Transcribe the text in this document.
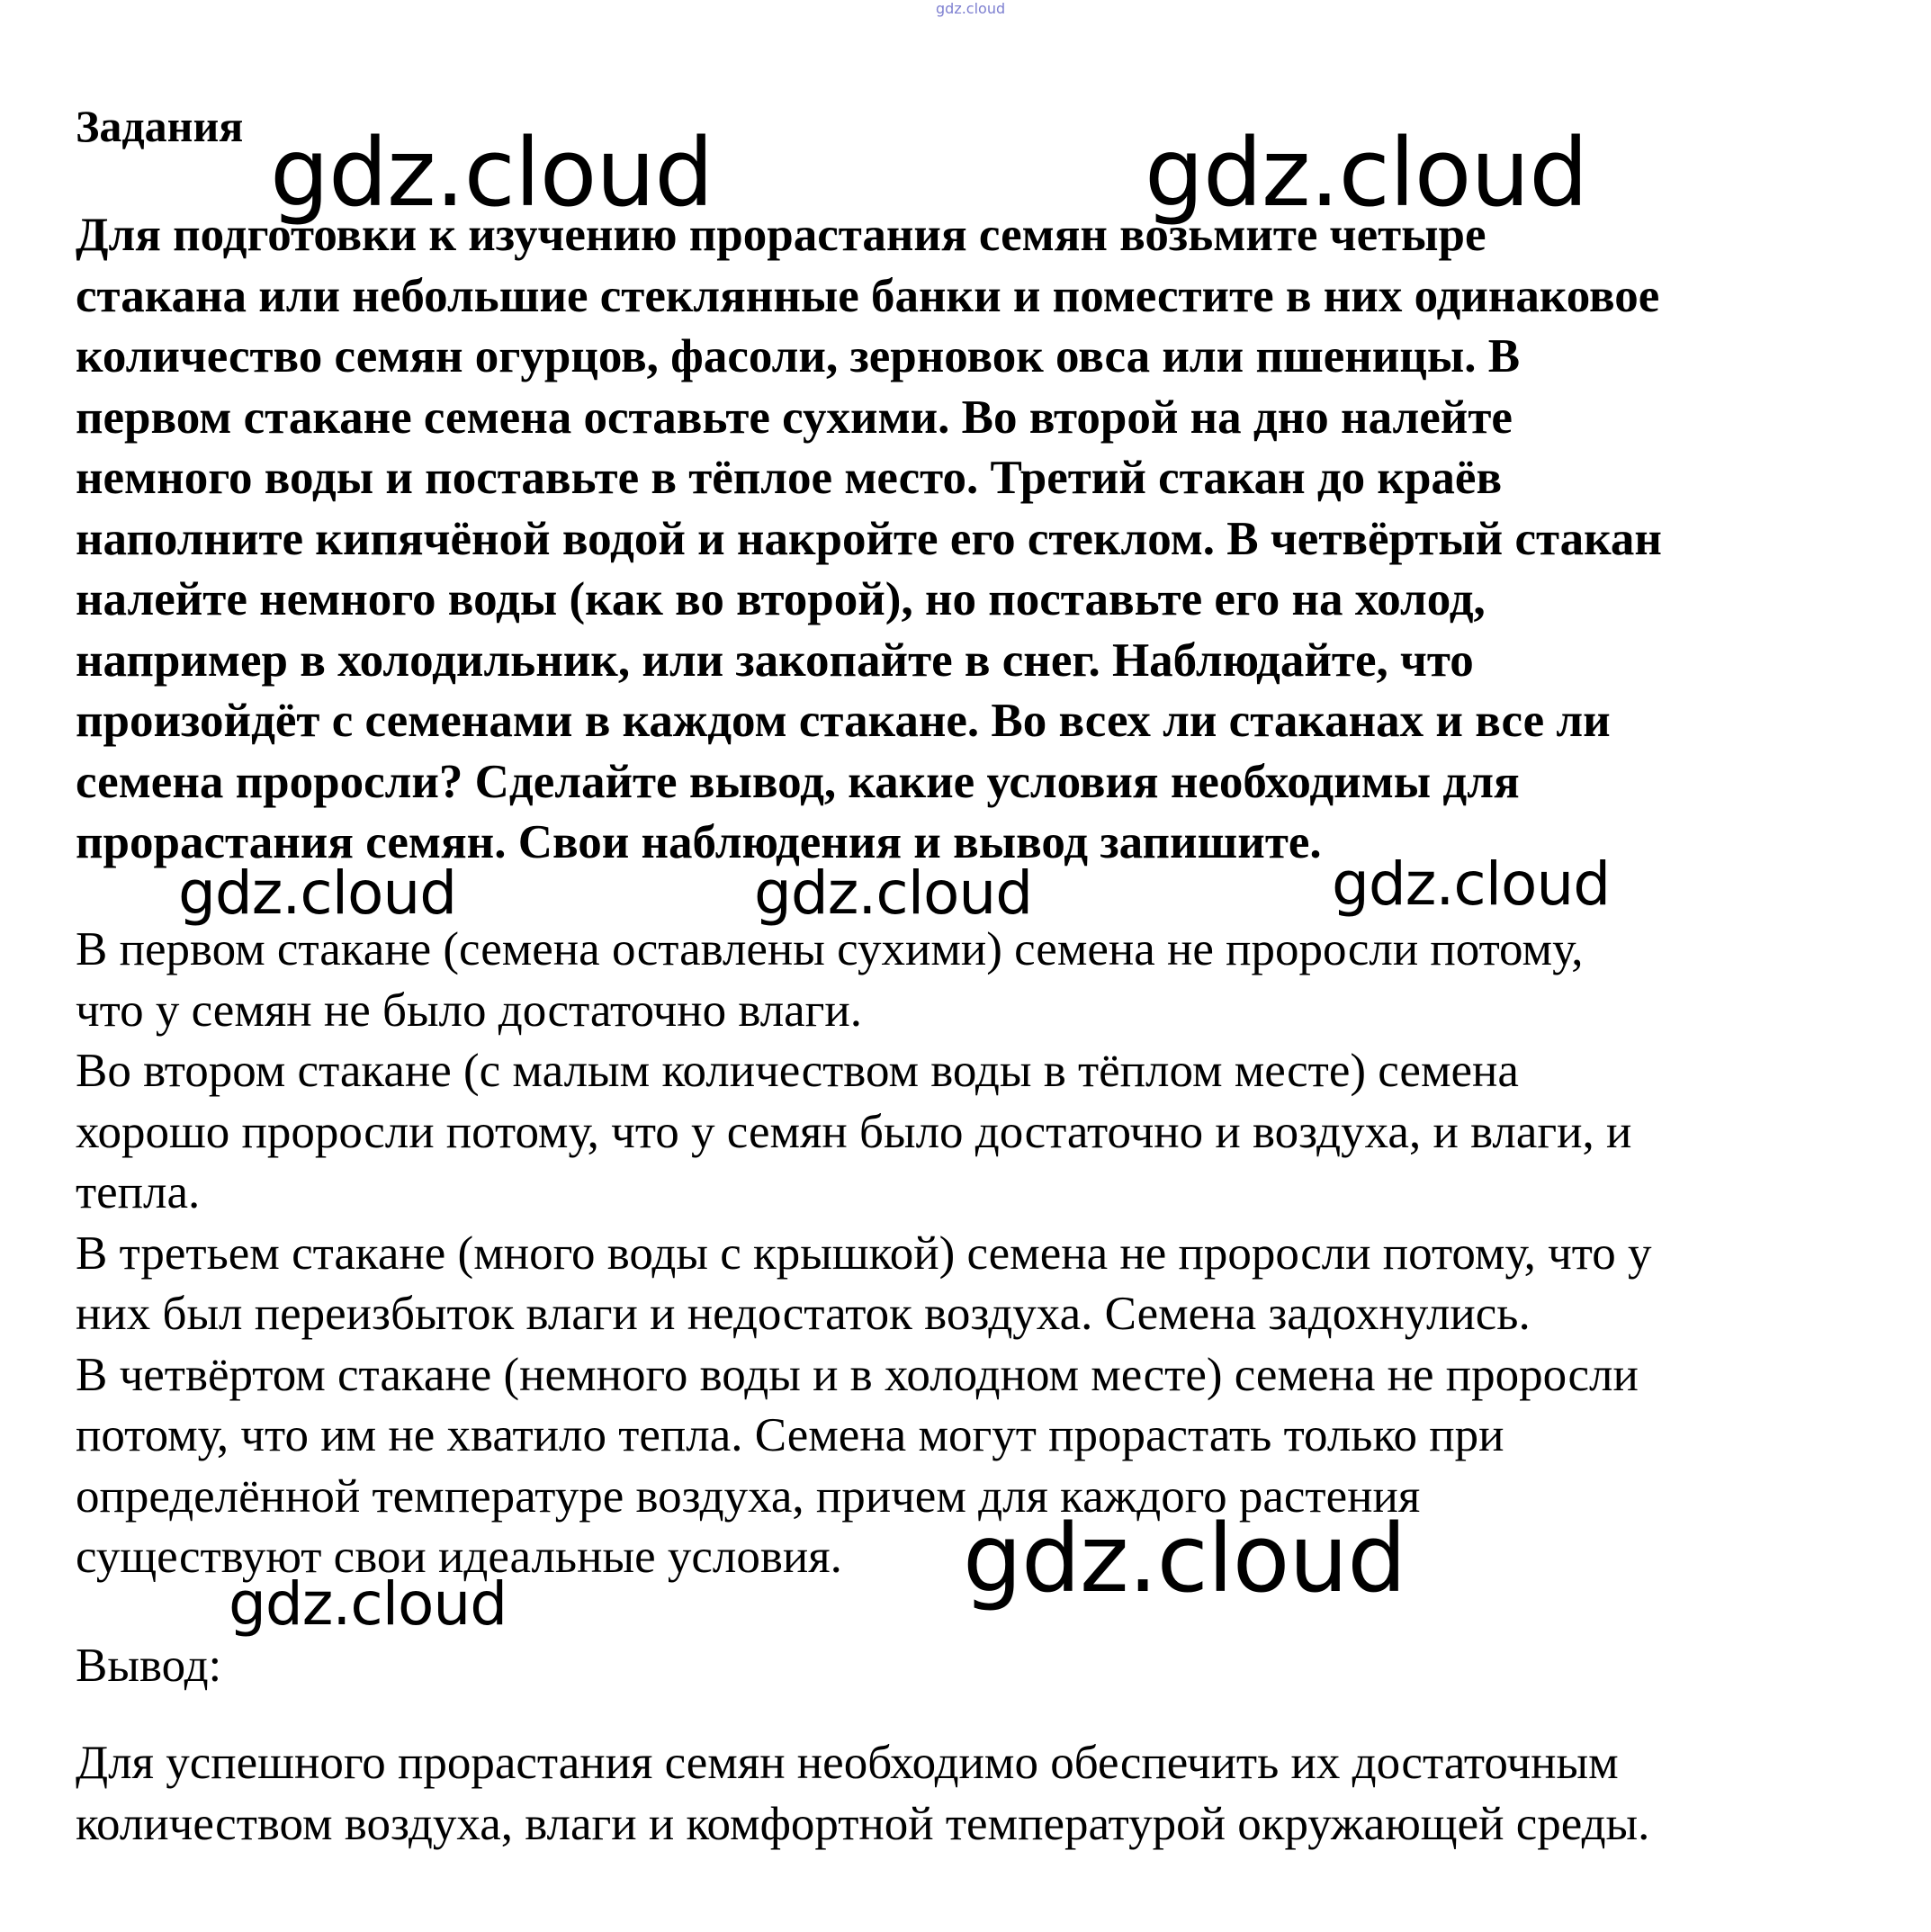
gdz.cloud
Задания
Для подготовки к изучению прорастания семян возьмите четыре
стакана или небольшие стеклянные банки и поместите в них одинаковое
количество семян огурцов, фасоли, зерновок овса или пшеницы. В
первом стакане семена оставьте сухими. Во второй на дно налейте
немного воды и поставьте в тёплое место. Третий стакан до краёв
наполните кипячёной водой и накройте его стеклом. В четвёртый стакан
налейте немного воды (как во второй), но поставьте его на холод,
например в холодильник, или закопайте в снег. Наблюдайте, что
произойдёт с семенами в каждом стакане. Во всех ли стаканах и все ли
семена проросли? Сделайте вывод, какие условия необходимы для
прорастания семян. Свои наблюдения и вывод запишите.
В первом стакане (семена оставлены сухими) семена не проросли потому,
что у семян не было достаточно влаги.
Во втором стакане (с малым количеством воды в тёплом месте) семена
хорошо проросли потому, что у семян было достаточно и воздуха, и влаги, и
тепла.
В третьем стакане (много воды с крышкой) семена не проросли потому, что у
них был переизбыток влаги и недостаток воздуха. Семена задохнулись.
В четвёртом стакане (немного воды и в холодном месте) семена не проросли
потому, что им не хватило тепла. Семена могут прорастать только при
определённой температуре воздуха, причем для каждого растения
существуют свои идеальные условия.
Вывод:
Для успешного прорастания семян необходимо обеспечить их достаточным
количеством воздуха, влаги и комфортной температурой окружающей среды.
gdz.cloud	gdz.cloud
gdz.cloud	gdz.cloud	gdz.cloud
gdz.cloud
gdz.cloud
